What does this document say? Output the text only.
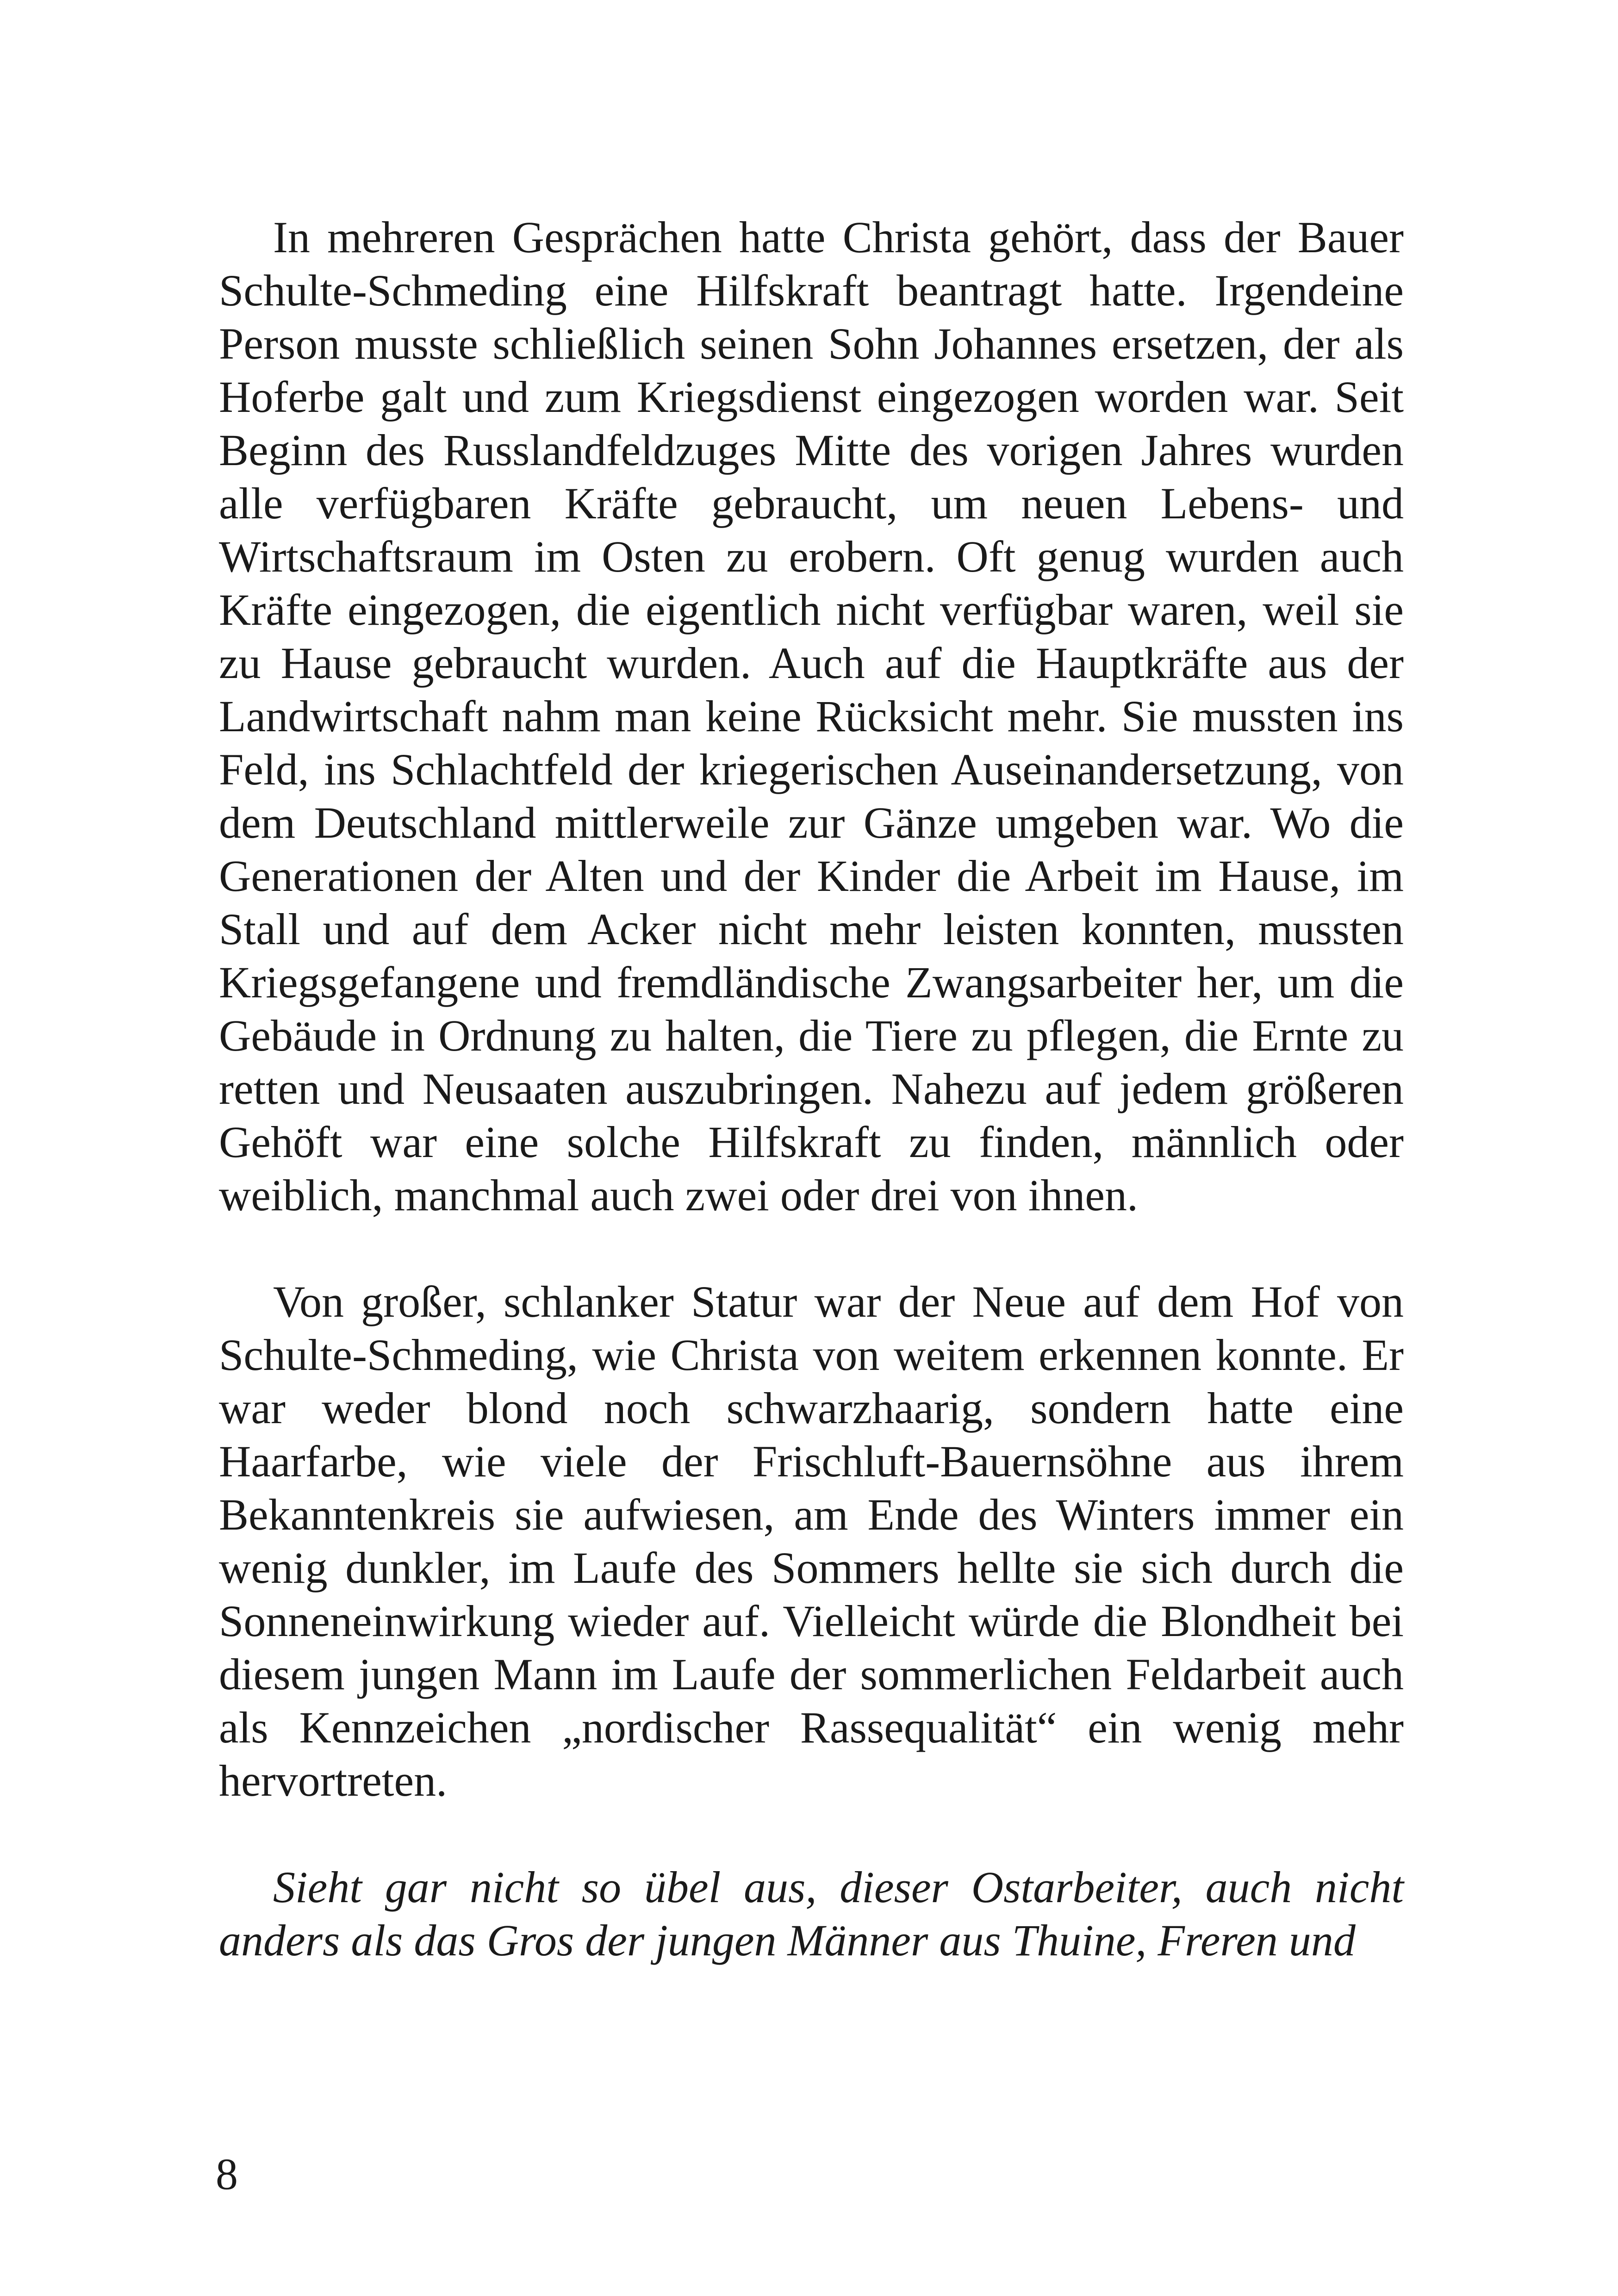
In mehreren Gesprächen hatte Christa gehört, dass der Bauer Schulte-Schmeding eine Hilfskraft beantragt hatte. Irgendeine Person musste schließlich seinen Sohn Johannes ersetzen, der als Hoferbe galt und zum Kriegsdienst eingezogen worden war. Seit Beginn des Russlandfeldzuges Mitte des vorigen Jahres wurden alle verfügbaren Kräfte gebraucht, um neuen Lebens- und Wirtschaftsraum im Osten zu erobern. Oft genug wurden auch Kräfte eingezogen, die eigentlich nicht verfügbar waren, weil sie zu Hause gebraucht wurden. Auch auf die Hauptkräfte aus der Landwirtschaft nahm man keine Rücksicht mehr. Sie mussten ins Feld, ins Schlachtfeld der kriegerischen Auseinandersetzung, von dem Deutschland mittlerweile zur Gänze umgeben war. Wo die Generationen der Alten und der Kinder die Arbeit im Hause, im Stall und auf dem Acker nicht mehr leisten konnten, mussten Kriegsgefangene und fremdländische Zwangsarbeiter her, um die Gebäude in Ordnung zu halten, die Tiere zu pflegen, die Ernte zu retten und Neusaaten auszubringen. Nahezu auf jedem größeren Gehöft war eine solche Hilfskraft zu finden, männlich oder weiblich, manchmal auch zwei oder drei von ihnen.

Von großer, schlanker Statur war der Neue auf dem Hof von Schulte-Schmeding, wie Christa von weitem erkennen konnte. Er war weder blond noch schwarzhaarig, sondern hatte eine Haarfarbe, wie viele der Frischluft-Bauernsöhne aus ihrem Bekanntenkreis sie aufwiesen, am Ende des Winters immer ein wenig dunkler, im Laufe des Sommers hellte sie sich durch die Sonneneinwirkung wieder auf. Vielleicht würde die Blondheit bei diesem jungen Mann im Laufe der sommerlichen Feldarbeit auch als Kennzeichen „nordischer Rassequalität“ ein wenig mehr hervortreten.

Sieht gar nicht so übel aus, dieser Ostarbeiter, auch nicht anders als das Gros der jungen Männer aus Thuine, Freren und

8
